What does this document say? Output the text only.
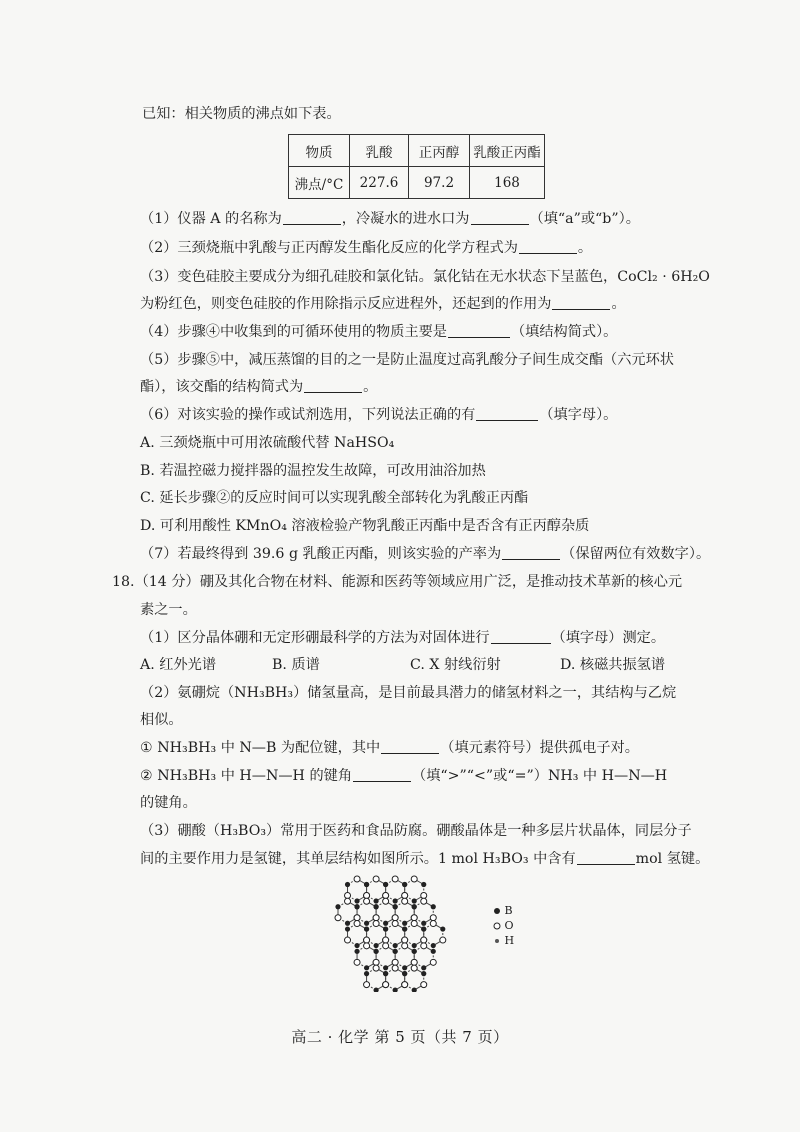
已知：相关物质的沸点如下表。
物质	乳酸	正丙醇	乳酸正丙酯
沸点/°C	227.6	97.2	168
（1）仪器 A 的名称为	，冷凝水的进水口为	（填“a”或“b”）。
（2）三颈烧瓶中乳酸与正丙醇发生酯化反应的化学方程式为	。
（3）变色硅胶主要成分为细孔硅胶和氯化钴。氯化钴在无水状态下呈蓝色，CoCl₂ · 6H₂O
为粉红色，则变色硅胶的作用除指示反应进程外，还起到的作用为	。
（4）步骤④中收集到的可循环使用的物质主要是	（填结构简式）。
（5）步骤⑤中，减压蒸馏的目的之一是防止温度过高乳酸分子间生成交酯（六元环状
酯），该交酯的结构简式为	。
（6）对该实验的操作或试剂选用，下列说法正确的有	（填字母）。
A. 三颈烧瓶中可用浓硫酸代替 NaHSO₄
B. 若温控磁力搅拌器的温控发生故障，可改用油浴加热
C. 延长步骤②的反应时间可以实现乳酸全部转化为乳酸正丙酯
D. 可利用酸性 KMnO₄ 溶液检验产物乳酸正丙酯中是否含有正丙醇杂质
（7）若最终得到 39.6 g 乳酸正丙酯，则该实验的产率为	（保留两位有效数字）。
18.（14 分）硼及其化合物在材料、能源和医药等领域应用广泛，是推动技术革新的核心元
素之一。
（1）区分晶体硼和无定形硼最科学的方法为对固体进行	（填字母）测定。
A. 红外光谱	B. 质谱	C. X 射线衍射	D. 核磁共振氢谱
（2）氨硼烷（NH₃BH₃）储氢量高，是目前最具潜力的储氢材料之一，其结构与乙烷
相似。
① NH₃BH₃ 中 N—B 为配位键，其中	（填元素符号）提供孤电子对。
② NH₃BH₃ 中 H—N—H 的键角	（填“>”“<”或“=”）NH₃ 中 H—N—H
的键角。
（3）硼酸（H₃BO₃）常用于医药和食品防腐。硼酸晶体是一种多层片状晶体，同层分子
间的主要作用力是氢键，其单层结构如图所示。1 mol H₃BO₃ 中含有	mol 氢键。
B
O
H
高二 · 化学 第 5 页（共 7 页）
